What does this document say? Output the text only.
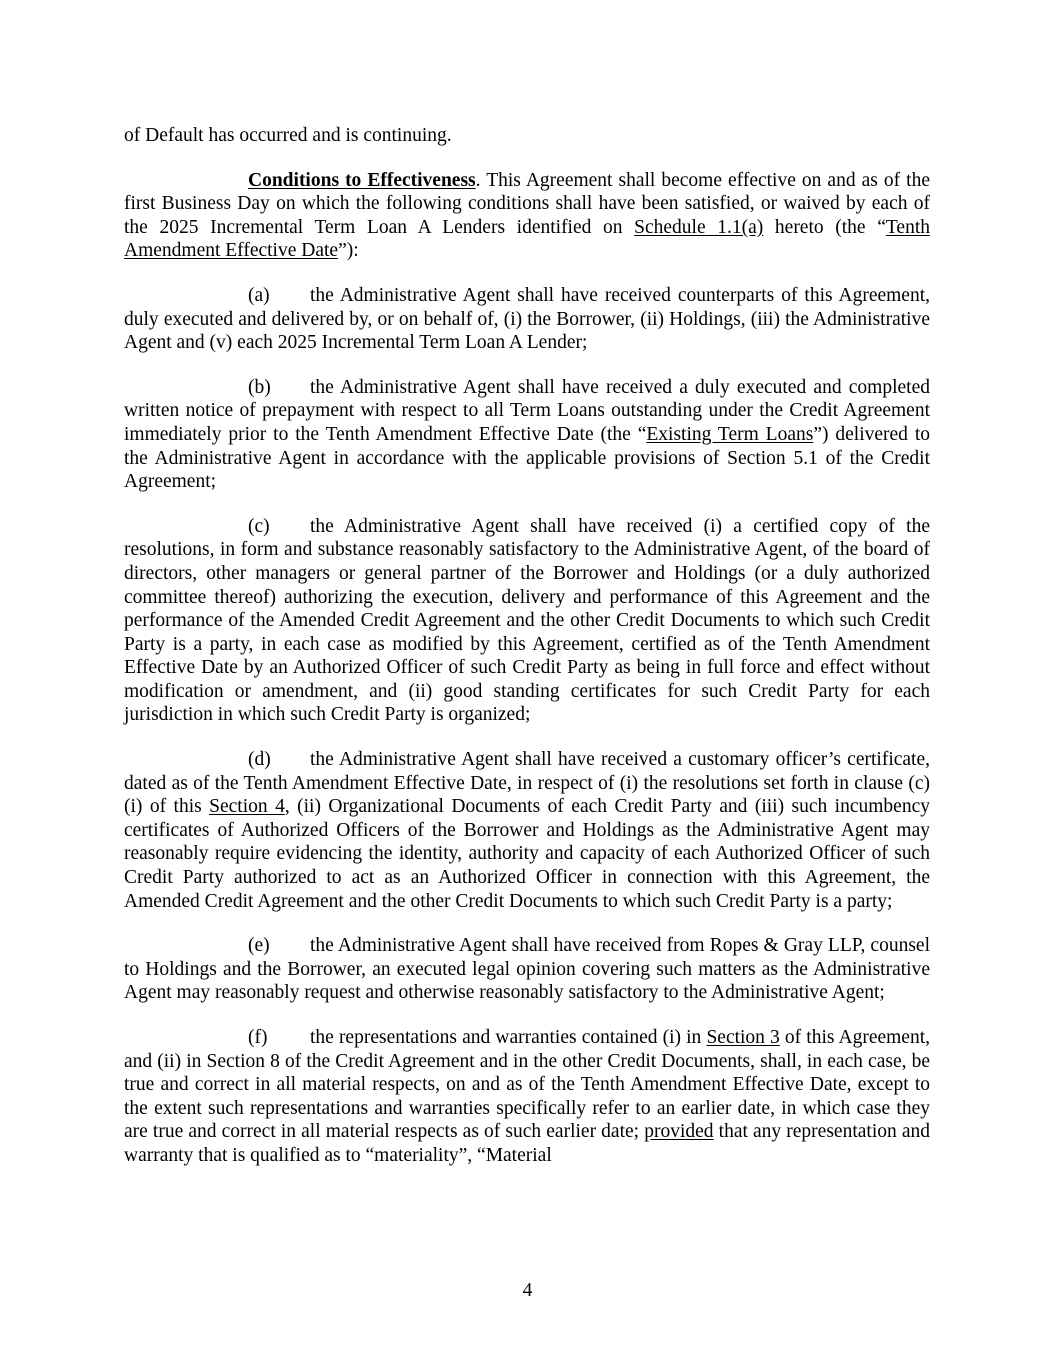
of Default has occurred and is continuing.

Conditions to Effectiveness. This Agreement shall become effective on and as of the first Business Day on which the following conditions shall have been satisfied, or waived by each of the 2025 Incremental Term Loan A Lenders identified on Schedule 1.1(a) hereto (the “Tenth Amendment Effective Date”):

(a) the Administrative Agent shall have received counterparts of this Agreement, duly executed and delivered by, or on behalf of, (i) the Borrower, (ii) Holdings, (iii) the Administrative Agent and (v) each 2025 Incremental Term Loan A Lender;

(b) the Administrative Agent shall have received a duly executed and completed written notice of prepayment with respect to all Term Loans outstanding under the Credit Agreement immediately prior to the Tenth Amendment Effective Date (the “Existing Term Loans”) delivered to the Administrative Agent in accordance with the applicable provisions of Section 5.1 of the Credit Agreement;

(c) the Administrative Agent shall have received (i) a certified copy of the resolutions, in form and substance reasonably satisfactory to the Administrative Agent, of the board of directors, other managers or general partner of the Borrower and Holdings (or a duly authorized committee thereof) authorizing the execution, delivery and performance of this Agreement and the performance of the Amended Credit Agreement and the other Credit Documents to which such Credit Party is a party, in each case as modified by this Agreement, certified as of the Tenth Amendment Effective Date by an Authorized Officer of such Credit Party as being in full force and effect without modification or amendment, and (ii) good standing certificates for such Credit Party for each jurisdiction in which such Credit Party is organized;

(d) the Administrative Agent shall have received a customary officer’s certificate, dated as of the Tenth Amendment Effective Date, in respect of (i) the resolutions set forth in clause (c)(i) of this Section 4, (ii) Organizational Documents of each Credit Party and (iii) such incumbency certificates of Authorized Officers of the Borrower and Holdings as the Administrative Agent may reasonably require evidencing the identity, authority and capacity of each Authorized Officer of such Credit Party authorized to act as an Authorized Officer in connection with this Agreement, the Amended Credit Agreement and the other Credit Documents to which such Credit Party is a party;

(e) the Administrative Agent shall have received from Ropes & Gray LLP, counsel to Holdings and the Borrower, an executed legal opinion covering such matters as the Administrative Agent may reasonably request and otherwise reasonably satisfactory to the Administrative Agent;

(f) the representations and warranties contained (i) in Section 3 of this Agreement, and (ii) in Section 8 of the Credit Agreement and in the other Credit Documents, shall, in each case, be true and correct in all material respects, on and as of the Tenth Amendment Effective Date, except to the extent such representations and warranties specifically refer to an earlier date, in which case they are true and correct in all material respects as of such earlier date; provided that any representation and warranty that is qualified as to “materiality”, “Material

4
